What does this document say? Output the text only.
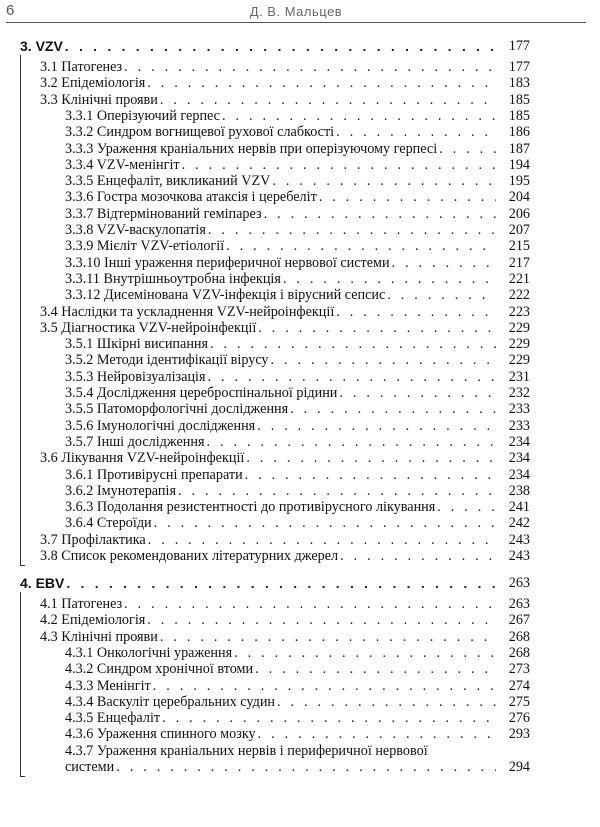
6	Д. В. Мальцев
3. VZV . . .	177
3.1 Патогенез . . .	177
3.2 Епідеміологія . . .	183
3.3 Клінічні прояви . . .	185
3.3.1 Оперізуючий герпес . . .	185
3.3.2 Синдром вогнищевої рухової слабкості . . .	186
3.3.3 Ураження краніальних нервів при оперізуючому герпесі . . .	187
3.3.4 VZV-менінгіт . . .	194
3.3.5 Енцефаліт, викликаний VZV . . .	195
3.3.6 Гостра мозочкова атаксія і церебеліт . . .	204
3.3.7 Відтермінований геміпарез . . .	206
3.3.8 VZV-васкулопатія . . .	207
3.3.9 Мієліт VZV-етіології . . .	215
3.3.10 Інші ураження периферичної нервової системи . . .	217
3.3.11 Внутрішньоутробна інфекція . . .	221
3.3.12 Дисемінована VZV-інфекція і вірусний сепсис . . .	222
3.4 Наслідки та ускладнення VZV-нейроінфекції . . .	223
3.5 Діагностика VZV-нейроінфекції . . .	229
3.5.1 Шкірні висипання . . .	229
3.5.2 Методи ідентифікації вірусу . . .	229
3.5.3 Нейровізуалізація . . .	231
3.5.4 Дослідження цереброспінальної рідини . . .	232
3.5.5 Патоморфологічні дослідження . . .	233
3.5.6 Імунологічні дослідження . . .	233
3.5.7 Інші дослідження . . .	234
3.6 Лікування VZV-нейроінфекції . . .	234
3.6.1 Противірусні препарати . . .	234
3.6.2 Імунотерапія . . .	238
3.6.3 Подолання резистентності до противірусного лікування . . .	241
3.6.4 Стероїди . . .	242
3.7 Профілактика . . .	243
3.8 Список рекомендованих літературних джерел . . .	243
4. EBV . . .	263
4.1 Патогенез . . .	263
4.2 Епідеміологія . . .	267
4.3 Клінічні прояви . . .	268
4.3.1 Онкологічні ураження . . .	268
4.3.2 Синдром хронічної втоми . . .	273
4.3.3 Менінгіт . . .	274
4.3.4 Васкуліт церебральних судин . . .	275
4.3.5 Енцефаліт . . .	276
4.3.6 Ураження спинного мозку . . .	293
4.3.7 Ураження краніальних нервів і периферичної нервової
системи . . .	294
